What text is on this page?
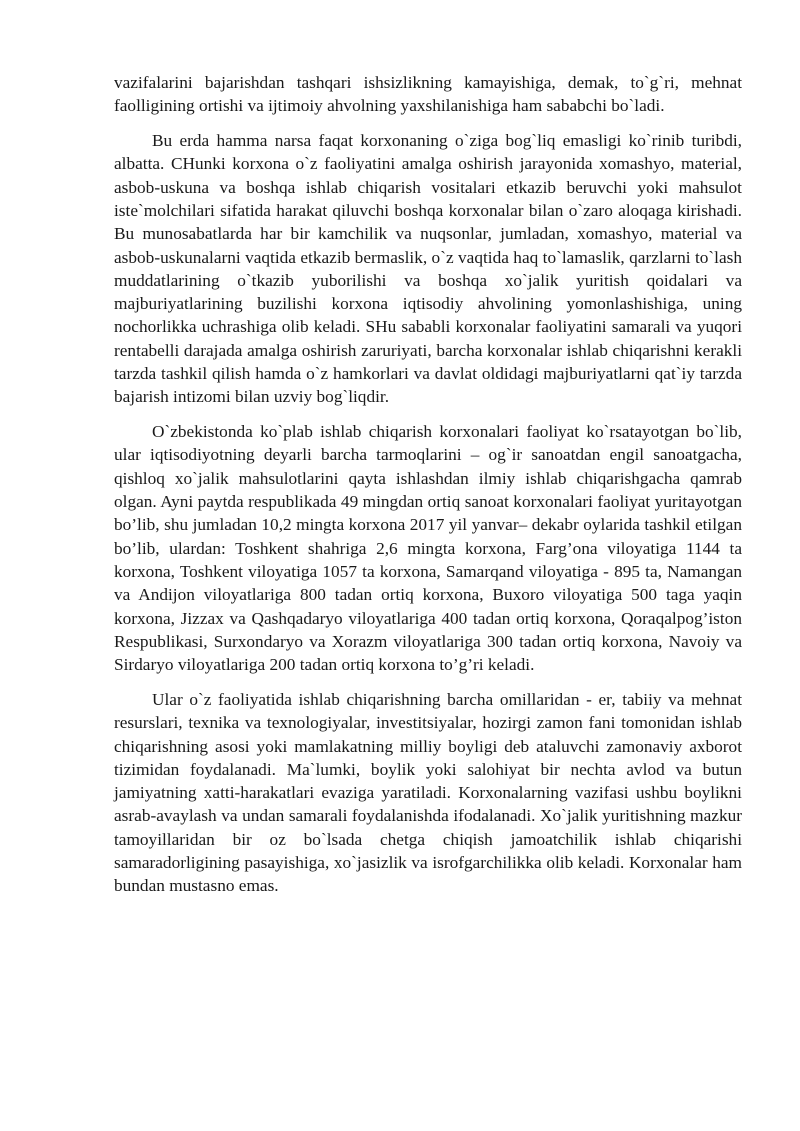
vazifalarini bajarishdan tashqari ishsizlikning kamayishiga, demak, to`g`ri, mehnat faolligining ortishi va ijtimoiy ahvolning yaxshilanishiga ham sababchi bo`ladi.

Bu erda hamma narsa faqat korxonaning o`ziga bog`liq emasligi ko`rinib turibdi, albatta. CHunki korxona o`z faoliyatini amalga oshirish jarayonida xomashyo, material, asbob-uskuna va boshqa ishlab chiqarish vositalari etkazib beruvchi yoki mahsulot iste`molchilari sifatida harakat qiluvchi boshqa korxonalar bilan o`zaro aloqaga kirishadi. Bu munosabatlarda har bir kamchilik va nuqsonlar, jumladan, xomashyo, material va asbob-uskunalarni vaqtida etkazib bermaslik, o`z vaqtida haq to`lamaslik, qarzlarni to`lash muddatlarining o`tkazib yuborilishi va boshqa xo`jalik yuritish qoidalari va majburiyatlarining buzilishi korxona iqtisodiy ahvolining yomonlashishiga, uning nochorlikka uchrashiga olib keladi. SHu sababli korxonalar faoliyatini samarali va yuqori rentabelli darajada amalga oshirish zaruriyati, barcha korxonalar ishlab chiqarishni kerakli tarzda tashkil qilish hamda o`z hamkorlari va davlat oldidagi majburiyatlarni qat`iy tarzda bajarish intizomi bilan uzviy bog`liqdir.

O`zbekistonda ko`plab ishlab chiqarish korxonalari faoliyat ko`rsatayotgan bo`lib, ular iqtisodiyotning deyarli barcha tarmoqlarini – og`ir sanoatdan engil sanoatgacha, qishloq xo`jalik mahsulotlarini qayta ishlashdan ilmiy ishlab chiqarishgacha qamrab olgan. Ayni paytda respublikada 49 mingdan ortiq sanoat korxonalari faoliyat yuritayotgan bo’lib, shu jumladan 10,2 mingta korxona 2017 yil yanvar– dekabr oylarida tashkil etilgan bo’lib, ulardan: Toshkent shahriga 2,6 mingta korxona, Farg’ona viloyatiga 1144 ta korxona, Toshkent viloyatiga 1057 ta korxona, Samarqand viloyatiga - 895 ta, Namangan va Andijon viloyatlariga 800 tadan ortiq korxona, Buxoro viloyatiga 500 taga yaqin korxona, Jizzax va Qashqadaryo viloyatlariga 400 tadan ortiq korxona, Qoraqalpog’iston Respublikasi, Surxondaryo va Xorazm viloyatlariga 300 tadan ortiq korxona, Navoiy va Sirdaryo viloyatlariga 200 tadan ortiq korxona to’g’ri keladi.

Ular o`z faoliyatida ishlab chiqarishning barcha omillaridan - er, tabiiy va mehnat resurslari, texnika va texnologiyalar, investitsiyalar, hozirgi zamon fani tomonidan ishlab chiqarishning asosi yoki mamlakatning milliy boyligi deb ataluvchi zamonaviy axborot tizimidan foydalanadi. Ma`lumki, boylik yoki salohiyat bir nechta avlod va butun jamiyatning xatti-harakatlari evaziga yaratiladi. Korxonalarning vazifasi ushbu boylikni asrab-avaylash va undan samarali foydalanishda ifodalanadi. Xo`jalik yuritishning mazkur tamoyillaridan bir oz bo`lsada chetga chiqish jamoatchilik ishlab chiqarishi samaradorligining pasayishiga, xo`jasizlik va isrofgarchilikka olib keladi. Korxonalar ham bundan mustasno emas.
